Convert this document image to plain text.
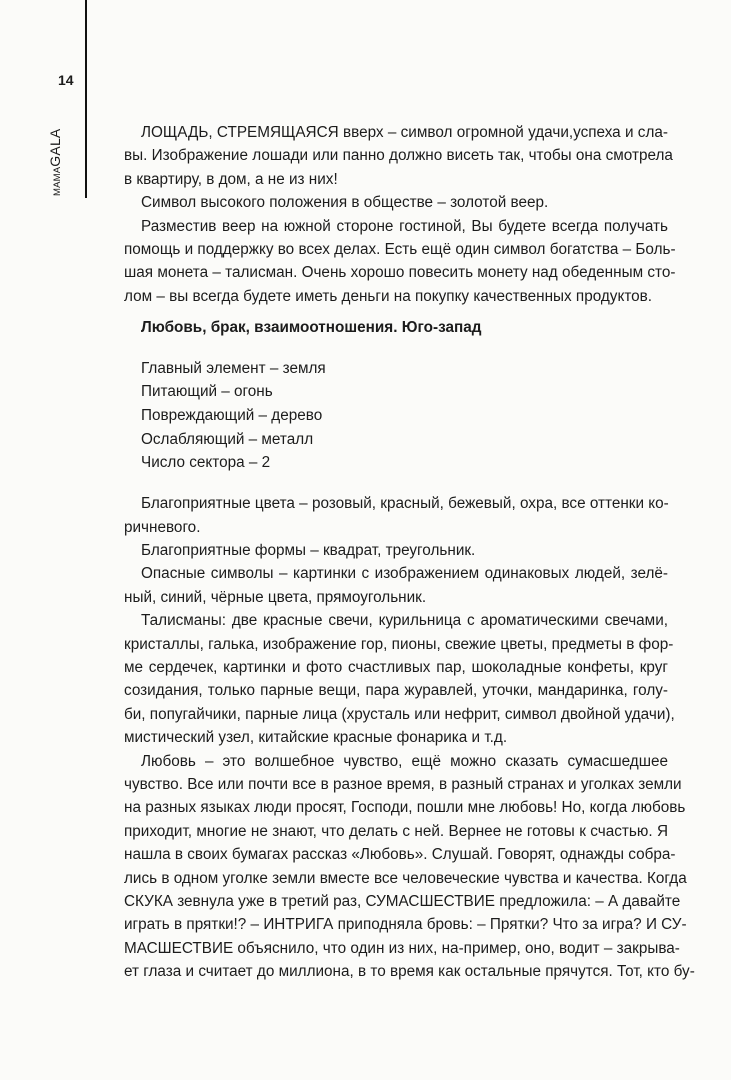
14
MAMAGALA	ЛОЩАДЬ, СТРЕМЯЩАЯСЯ вверх – символ огромной удачи,успеха и сла-
вы. Изображение лошади или панно должно висеть так, чтобы она смотрела
в квартиру, в дом, а не из них!
Символ высокого положения в обществе – золотой веер.
Разместив веер на южной стороне гостиной, Вы будете всегда получать
помощь и поддержку во всех делах. Есть ещё один символ богатства – Боль-
шая монета – талисман. Очень хорошо повесить монету над обеденным сто-
лом – вы всегда будете иметь деньги на покупку качественных продуктов.
Любовь, брак, взаимоотношения. Юго-запад
Главный элемент – земля
Питающий – огонь
Повреждающий – дерево
Ослабляющий – металл
Число сектора – 2
Благоприятные цвета – розовый, красный, бежевый, охра, все оттенки ко-
ричневого.
Благоприятные формы – квадрат, треугольник.
Опасные символы – картинки с изображением одинаковых людей, зелё-
ный, синий, чёрные цвета, прямоугольник.
Талисманы: две красные свечи, курильница с ароматическими свечами,
кристаллы, галька, изображение гор, пионы, свежие цветы, предметы в фор-
ме сердечек, картинки и фото счастливых пар, шоколадные конфеты, круг
созидания, только парные вещи, пара журавлей, уточки, мандаринка, голу-
би, попугайчики, парные лица (хрусталь или нефрит, символ двойной удачи),
мистический узел, китайские красные фонарика и т.д.
Любовь – это волшебное чувство, ещё можно сказать сумасшедшее
чувство. Все или почти все в разное время, в разный странах и уголках земли
на разных языках люди просят, Господи, пошли мне любовь! Но, когда любовь
приходит, многие не знают, что делать с ней. Вернее не готовы к счастью. Я
нашла в своих бумагах рассказ «Любовь». Слушай. Говорят, однажды собра-
лись в одном уголке земли вместе все человеческие чувства и качества. Когда
СКУКА зевнула уже в третий раз, СУМАСШЕСТВИЕ предложила: – А давайте
играть в прятки!? – ИНТРИГА приподняла бровь: – Прятки? Что за игра? И СУ-
МАСШЕСТВИЕ объяснило, что один из них, на-пример, оно, водит – закрыва-
ет глаза и считает до миллиона, в то время как остальные прячутся. Тот, кто бу-
